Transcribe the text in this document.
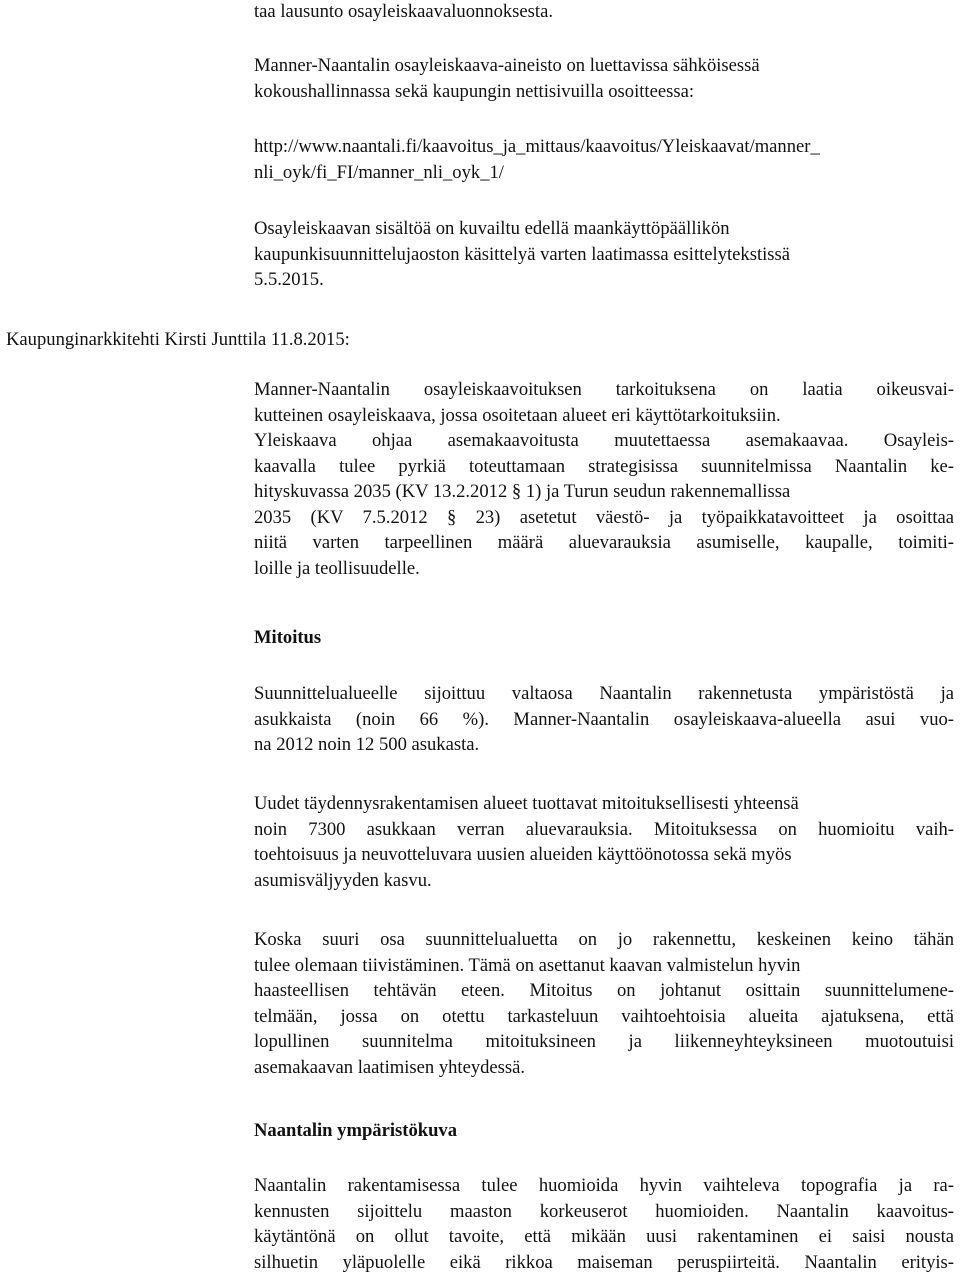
taa lausunto osayleiskaavaluonnoksesta.
Manner-Naantalin osayleiskaava-aineisto on luettavissa sähköisessä
kokoushallinnassa sekä kaupungin nettisivuilla osoitteessa:
http://www.naantali.fi/kaavoitus_ja_mittaus/kaavoitus/Yleiskaavat/manner_
nli_oyk/fi_FI/manner_nli_oyk_1/
Osayleiskaavan sisältöä on kuvailtu edellä maankäyttöpäällikön
kaupunkisuunnittelujaoston käsittelyä varten laatimassa esittelytekstissä
5.5.2015.
Kaupunginarkkitehti Kirsti Junttila 11.8.2015:
Manner-Naantalin osayleiskaavoituksen tarkoituksena on laatia oikeusvai-
kutteinen osayleiskaava, jossa osoitetaan alueet eri käyttötarkoituksiin.
Yleiskaava ohjaa asemakaavoitusta muutettaessa asemakaavaa. Osayleis-
kaavalla tulee pyrkiä toteuttamaan strategisissa suunnitelmissa Naantalin ke-
hityskuvassa 2035 (KV 13.2.2012 § 1) ja Turun seudun rakennemallissa
2035 (KV 7.5.2012 § 23) asetetut väestö- ja työpaikkatavoitteet ja osoittaa
niitä varten tarpeellinen määrä aluevarauksia asumiselle, kaupalle, toimiti-
loille ja teollisuudelle.
Mitoitus
Suunnittelualueelle sijoittuu valtaosa Naantalin rakennetusta ympäristöstä ja
asukkaista (noin 66 %). Manner-Naantalin osayleiskaava-alueella asui vuo-
na 2012 noin 12 500 asukasta.
Uudet täydennysrakentamisen alueet tuottavat mitoituksellisesti yhteensä
noin 7300 asukkaan verran aluevarauksia. Mitoituksessa on huomioitu vaih-
toehtoisuus ja neuvotteluvara uusien alueiden käyttöönotossa sekä myös
asumisväljyyden kasvu.
Koska suuri osa suunnittelualuetta on jo rakennettu, keskeinen keino tähän
tulee olemaan tiivistäminen. Tämä on asettanut kaavan valmistelun hyvin
haasteellisen tehtävän eteen. Mitoitus on johtanut osittain suunnittelumene-
telmään, jossa on otettu tarkasteluun vaihtoehtoisia alueita ajatuksena, että
lopullinen suunnitelma mitoituksineen ja liikenneyhteyksineen muotoutuisi
asemakaavan laatimisen yhteydessä.
Naantalin ympäristökuva
Naantalin rakentamisessa tulee huomioida hyvin vaihteleva topografia ja ra-
kennusten sijoittelu maaston korkeuserot huomioiden. Naantalin kaavoitus-
käytäntönä on ollut tavoite, että mikään uusi rakentaminen ei saisi nousta
silhuetin yläpuolelle eikä rikkoa maiseman peruspiirteitä. Naantalin erityis-
